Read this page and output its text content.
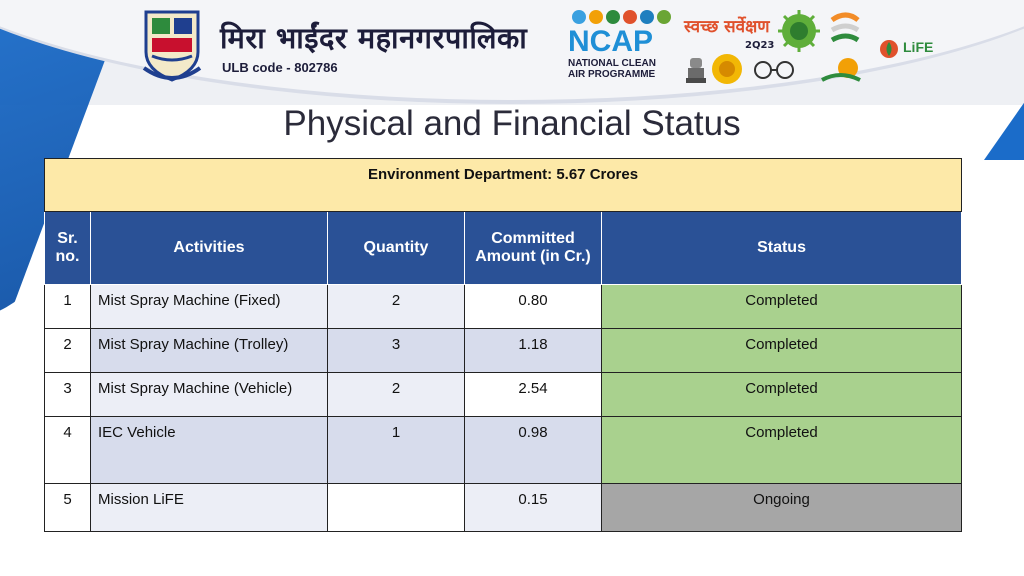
मिरा भाईंदर महानगरपालिका
ULB code - 802786
NCAP
NATIONAL CLEAN
AIR PROGRAMME
स्वच्छ सर्वेक्षण
2Q23	LiFE
Physical and Financial Status
Environment Department: 5.67 Crores				
Sr. no.	Activities	Quantity	Committed Amount (in Cr.)	Status
1	Mist Spray Machine (Fixed)	2	0.80	Completed
2	Mist Spray Machine (Trolley)	3	1.18	Completed
3	Mist Spray Machine (Vehicle)	2	2.54	Completed
4	IEC Vehicle	1	0.98	Completed
5	Mission LiFE		0.15	Ongoing
